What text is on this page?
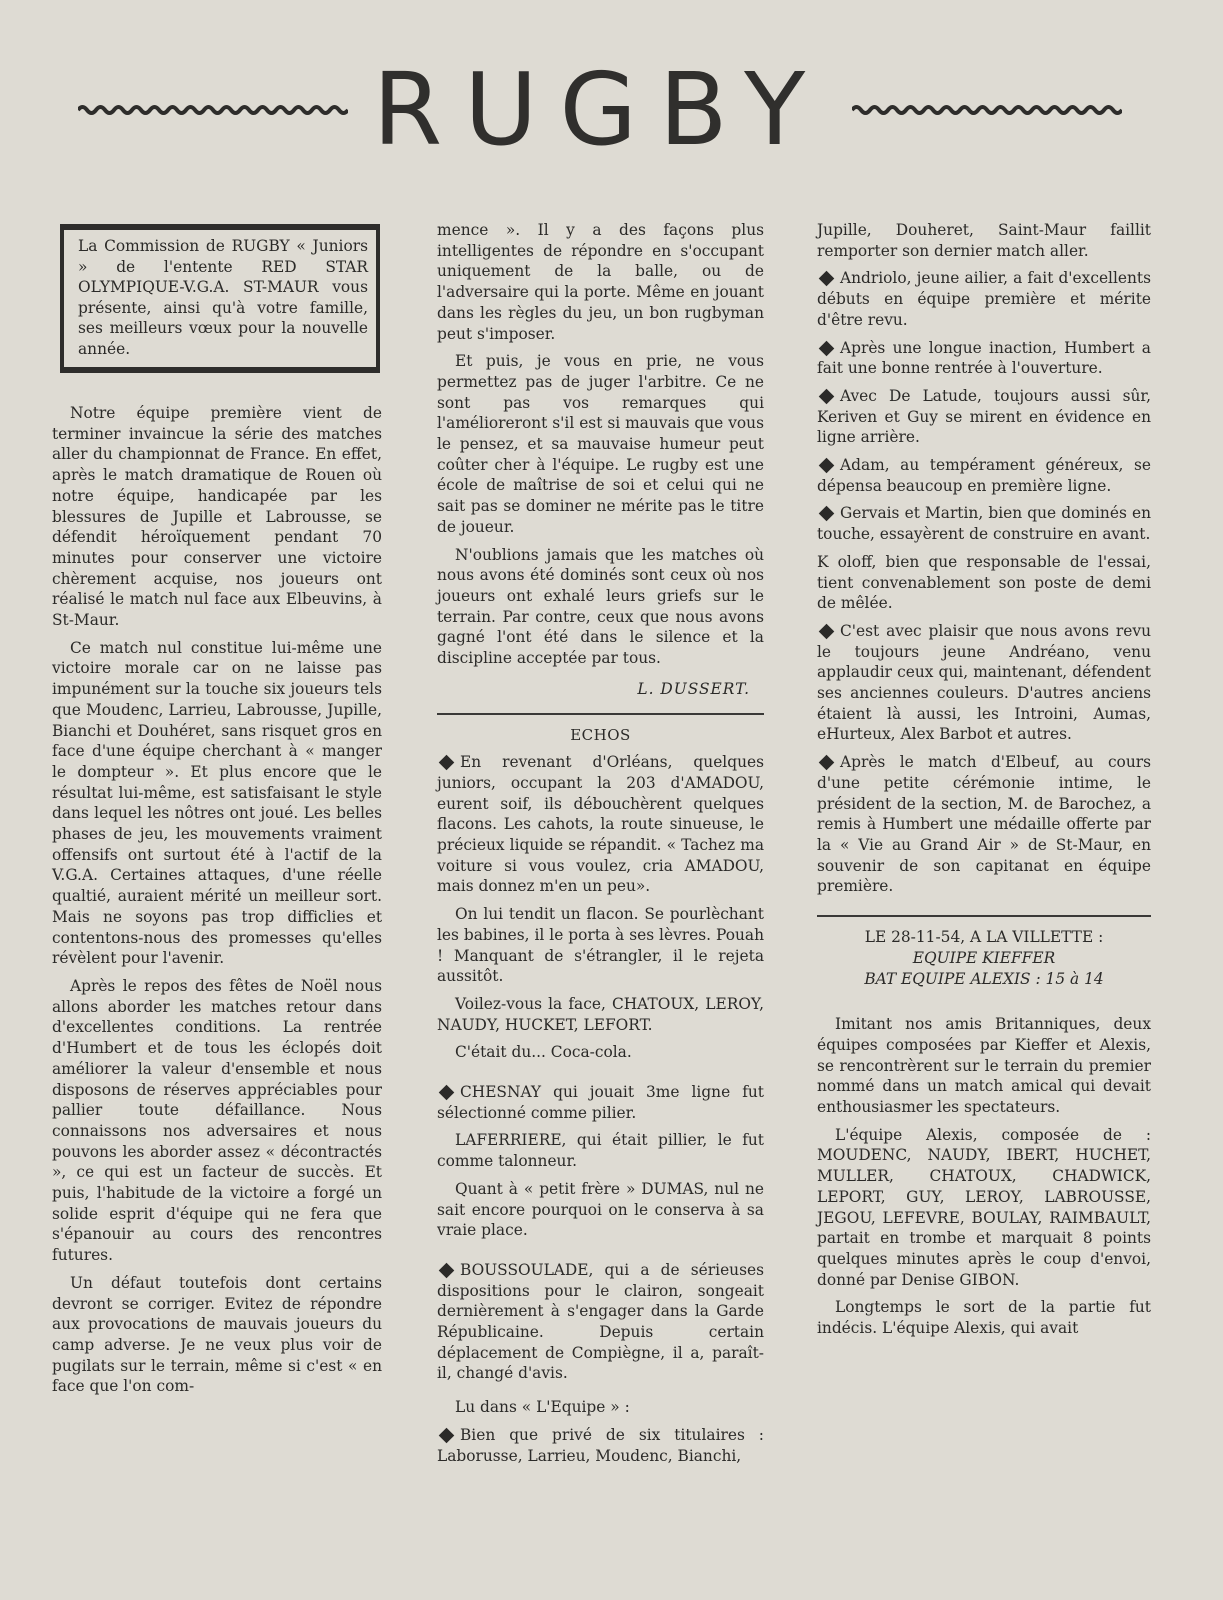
RUGBY
La Commission de RUGBY « Juniors » de l'entente RED STAR OLYMPIQUE-V.G.A. ST-MAUR vous présente, ainsi qu'à votre famille, ses meilleurs vœux pour la nouvelle année.

Notre équipe première vient de terminer invaincue la série des matches aller du championnat de France. En effet, après le match dramatique de Rouen où notre équipe, handicapée par les blessures de Jupille et Labrousse, se défendit héroïquement pendant 70 minutes pour conserver une victoire chèrement acquise, nos joueurs ont réalisé le match nul face aux Elbeuvins, à St-Maur.

Ce match nul constitue lui-même une victoire morale car on ne laisse pas impunément sur la touche six joueurs tels que Moudenc, Larrieu, Labrousse, Jupille, Bianchi et Douhéret, sans risquet gros en face d'une équipe cherchant à « manger le dompteur ». Et plus encore que le résultat lui-même, est satisfaisant le style dans lequel les nôtres ont joué. Les belles phases de jeu, les mouvements vraiment offensifs ont surtout été à l'actif de la V.G.A. Certaines attaques, d'une réelle qualtié, auraient mérité un meilleur sort. Mais ne soyons pas trop difficlies et contentons-nous des promesses qu'elles révèlent pour l'avenir.

Après le repos des fêtes de Noël nous allons aborder les matches retour dans d'excellentes conditions. La rentrée d'Humbert et de tous les éclopés doit améliorer la valeur d'ensemble et nous disposons de réserves appréciables pour pallier toute défaillance. Nous connaissons nos adversaires et nous pouvons les aborder assez « décontractés », ce qui est un facteur de succès. Et puis, l'habitude de la victoire a forgé un solide esprit d'équipe qui ne fera que s'épanouir au cours des rencontres futures.

Un défaut toutefois dont certains devront se corriger. Evitez de répondre aux provocations de mauvais joueurs du camp adverse. Je ne veux plus voir de pugilats sur le terrain, même si c'est « en face que l'on com-

mence ». Il y a des façons plus intelligentes de répondre en s'occupant uniquement de la balle, ou de l'adversaire qui la porte. Même en jouant dans les règles du jeu, un bon rugbyman peut s'imposer.

Et puis, je vous en prie, ne vous permettez pas de juger l'arbitre. Ce ne sont pas vos remarques qui l'amélioreront s'il est si mauvais que vous le pensez, et sa mauvaise humeur peut coûter cher à l'équipe. Le rugby est une école de maîtrise de soi et celui qui ne sait pas se dominer ne mérite pas le titre de joueur.

N'oublions jamais que les matches où nous avons été dominés sont ceux où nos joueurs ont exhalé leurs griefs sur le terrain. Par contre, ceux que nous avons gagné l'ont été dans le silence et la discipline acceptée par tous.

L. DUSSERT.
ECHOS

En revenant d'Orléans, quelques juniors, occupant la 203 d'AMADOU, eurent soif, ils débouchèrent quelques flacons. Les cahots, la route sinueuse, le précieux liquide se répandit. « Tachez ma voiture si vous voulez, cria AMADOU, mais donnez m'en un peu».

On lui tendit un flacon. Se pourlèchant les babines, il le porta à ses lèvres. Pouah ! Manquant de s'étrangler, il le rejeta aussitôt.

Voilez-vous la face, CHATOUX, LEROY, NAUDY, HUCKET, LEFORT.

C'était du... Coca-cola.

CHESNAY qui jouait 3me ligne fut sélectionné comme pilier.

LAFERRIERE, qui était pillier, le fut comme talonneur.

Quant à « petit frère » DUMAS, nul ne sait encore pourquoi on le conserva à sa vraie place.

BOUSSOULADE, qui a de sérieuses dispositions pour le clairon, songeait dernièrement à s'engager dans la Garde Républicaine. Depuis certain déplacement de Compiègne, il a, paraît-il, changé d'avis.

Lu dans « L'Equipe » :

Bien que privé de six titulaires : Laborusse, Larrieu, Moudenc, Bianchi,

Jupille, Douheret, Saint-Maur faillit remporter son dernier match aller.

Andriolo, jeune ailier, a fait d'excellents débuts en équipe première et mérite d'être revu.

Après une longue inaction, Humbert a fait une bonne rentrée à l'ouverture.

Avec De Latude, toujours aussi sûr, Keriven et Guy se mirent en évidence en ligne arrière.

Adam, au tempérament généreux, se dépensa beaucoup en première ligne.

Gervais et Martin, bien que dominés en touche, essayèrent de construire en avant.

K oloff, bien que responsable de l'essai, tient convenablement son poste de demi de mêlée.

C'est avec plaisir que nous avons revu le toujours jeune Andréano, venu applaudir ceux qui, maintenant, défendent ses anciennes couleurs. D'autres anciens étaient là aussi, les Introini, Aumas, eHurteux, Alex Barbot et autres.

Après le match d'Elbeuf, au cours d'une petite cérémonie intime, le président de la section, M. de Barochez, a remis à Humbert une médaille offerte par la « Vie au Grand Air » de St-Maur, en souvenir de son capitanat en équipe première.

LE 28-11-54, A LA VILLETTE :

EQUIPE KIEFFER

BAT EQUIPE ALEXIS : 15 à 14

Imitant nos amis Britanniques, deux équipes composées par Kieffer et Alexis, se rencontrèrent sur le terrain du premier nommé dans un match amical qui devait enthousiasmer les spectateurs.

L'équipe Alexis, composée de : MOUDENC, NAUDY, IBERT, HUCHET, MULLER, CHATOUX, CHADWICK, LEPORT, GUY, LEROY, LABROUSSE, JEGOU, LEFEVRE, BOULAY, RAIMBAULT, partait en trombe et marquait 8 points quelques minutes après le coup d'envoi, donné par Denise GIBON.

Longtemps le sort de la partie fut indécis. L'équipe Alexis, qui avait
